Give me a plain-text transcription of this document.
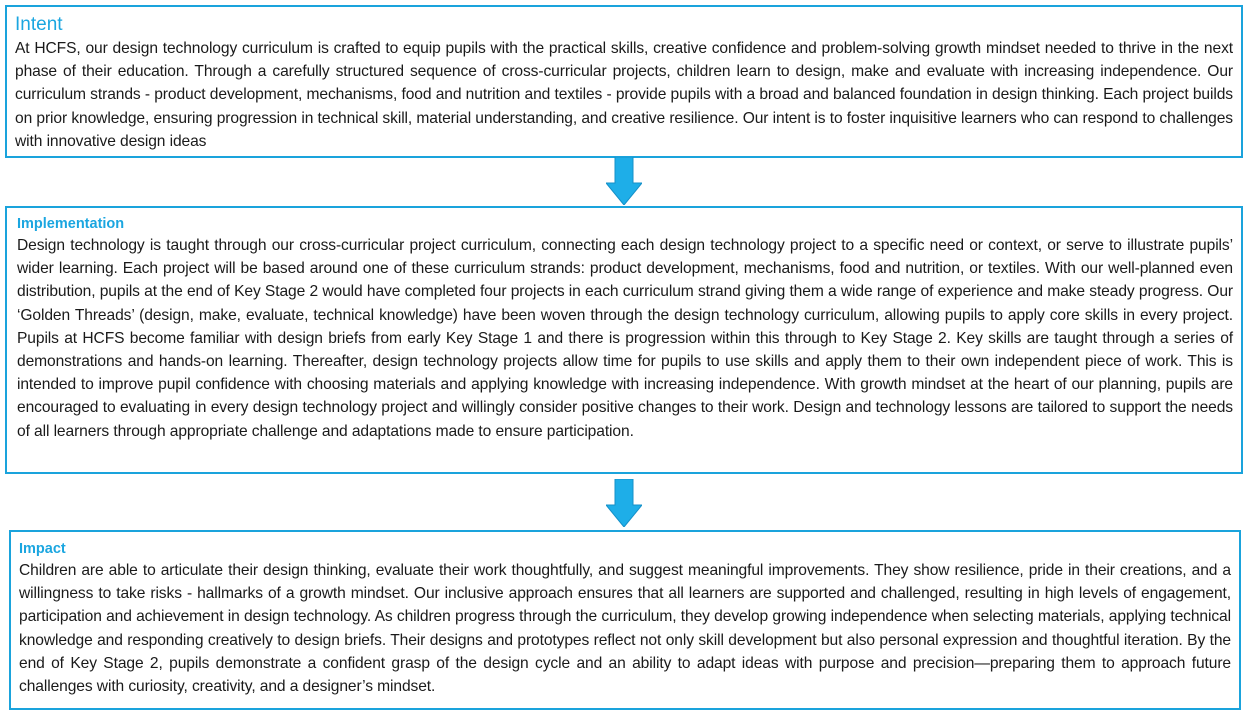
Intent

At HCFS, our design technology curriculum is crafted to equip pupils with the practical skills, creative confidence and problem-solving growth mindset needed to thrive in the next phase of their education. Through a carefully structured sequence of cross-curricular projects, children learn to design, make and evaluate with increasing independence. Our curriculum strands - product development, mechanisms, food and nutrition and textiles - provide pupils with a broad and balanced foundation in design thinking. Each project builds on prior knowledge, ensuring progression in technical skill, material understanding, and creative resilience. Our intent is to foster inquisitive learners who can respond to challenges with innovative design ideas

Implementation

Design technology is taught through our cross-curricular project curriculum, connecting each design technology project to a specific need or context, or serve to illustrate pupils’ wider learning. Each project will be based around one of these curriculum strands: product development, mechanisms, food and nutrition, or textiles. With our well-planned even distribution, pupils at the end of Key Stage 2 would have completed four projects in each curriculum strand giving them a wide range of experience and make steady progress. Our ‘Golden Threads’ (design, make, evaluate, technical knowledge) have been woven through the design technology curriculum, allowing pupils to apply core skills in every project. Pupils at HCFS become familiar with design briefs from early Key Stage 1 and there is progression within this through to Key Stage 2. Key skills are taught through a series of demonstrations and hands-on learning. Thereafter, design technology projects allow time for pupils to use skills and apply them to their own independent piece of work. This is intended to improve pupil confidence with choosing materials and applying knowledge with increasing independence. With growth mindset at the heart of our planning, pupils are encouraged to evaluating in every design technology project and willingly consider positive changes to their work. Design and technology lessons are tailored to support the needs of all learners through appropriate challenge and adaptations made to ensure participation.

Impact

Children are able to articulate their design thinking, evaluate their work thoughtfully, and suggest meaningful improvements. They show resilience, pride in their creations, and a willingness to take risks - hallmarks of a growth mindset. Our inclusive approach ensures that all learners are supported and challenged, resulting in high levels of engagement, participation and achievement in design technology. As children progress through the curriculum, they develop growing independence when selecting materials, applying technical knowledge and responding creatively to design briefs. Their designs and prototypes reflect not only skill development but also personal expression and thoughtful iteration. By the end of Key Stage 2, pupils demonstrate a confident grasp of the design cycle and an ability to adapt ideas with purpose and precision—preparing them to approach future challenges with curiosity, creativity, and a designer’s mindset.
